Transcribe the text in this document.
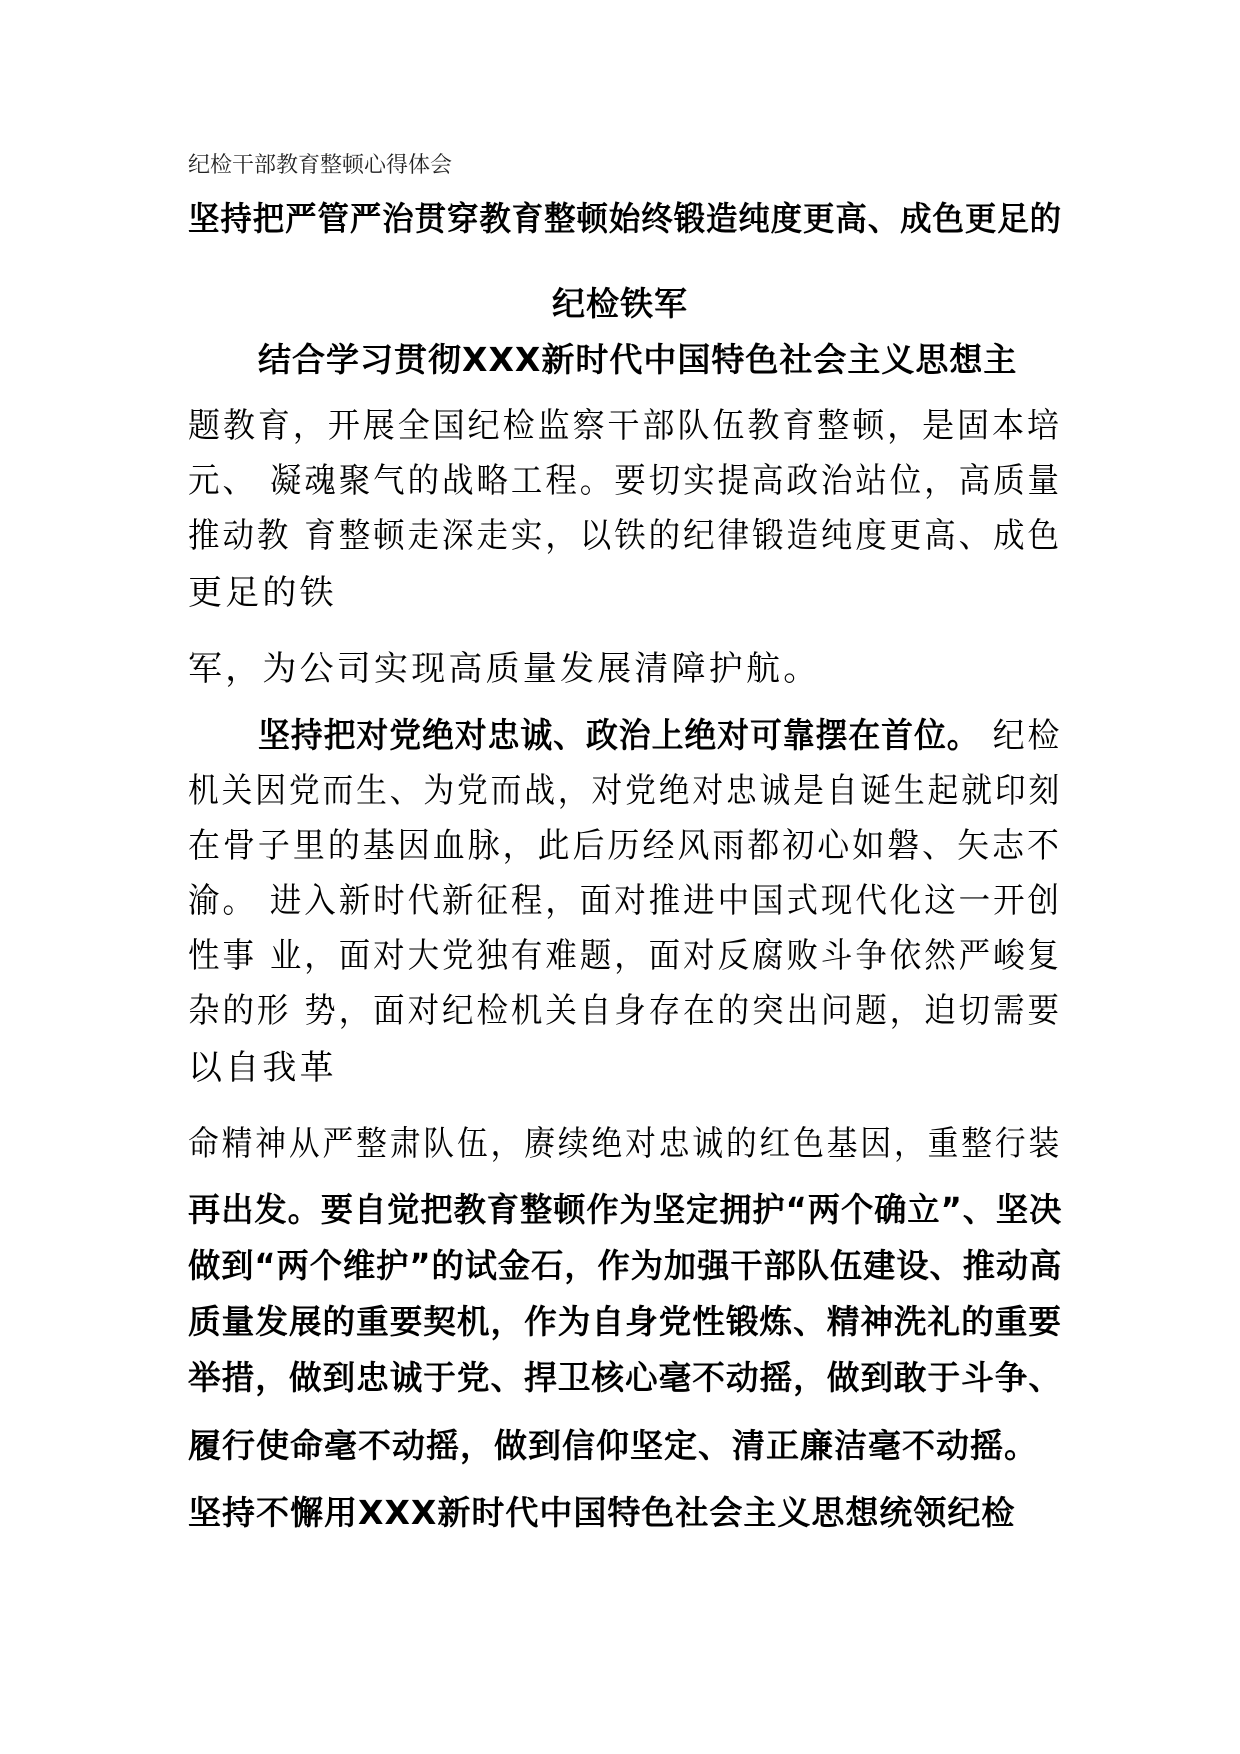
纪检干部教育整顿心得体会
坚持把严管严治贯穿教育整顿始终锻造纯度更高、成色更足的
纪检铁军
结合学习贯彻XXX新时代中国特色社会主义思想主
题教育，开展全国纪检监察干部队伍教育整顿，是固本培
元、 凝魂聚气的战略工程。要切实提高政治站位，高质量
推动教 育整顿走深走实，以铁的纪律锻造纯度更高、成色
更足的铁
军，为公司实现高质量发展清障护航。
坚持把对党绝对忠诚、政治上绝对可靠摆在首位。 纪检
机关因党而生、为党而战，对党绝对忠诚是自诞生起就印刻
在骨子里的基因血脉，此后历经风雨都初心如磐、矢志不
渝。 进入新时代新征程，面对推进中国式现代化这一开创
性事 业，面对大党独有难题，面对反腐败斗争依然严峻复
杂的形 势，面对纪检机关自身存在的突出问题，迫切需要
以自我革
命精神从严整肃队伍，赓续绝对忠诚的红色基因，重整行装
再出发。要自觉把教育整顿作为坚定拥护“两个确立”、坚决
做到“两个维护”的试金石，作为加强干部队伍建设、推动高
质量发展的重要契机，作为自身党性锻炼、精神洗礼的重要
举措，做到忠诚于党、捍卫核心毫不动摇，做到敢于斗争、
履行使命毫不动摇，做到信仰坚定、清正廉洁毫不动摇。
坚持不懈用XXX新时代中国特色社会主义思想统领纪检
